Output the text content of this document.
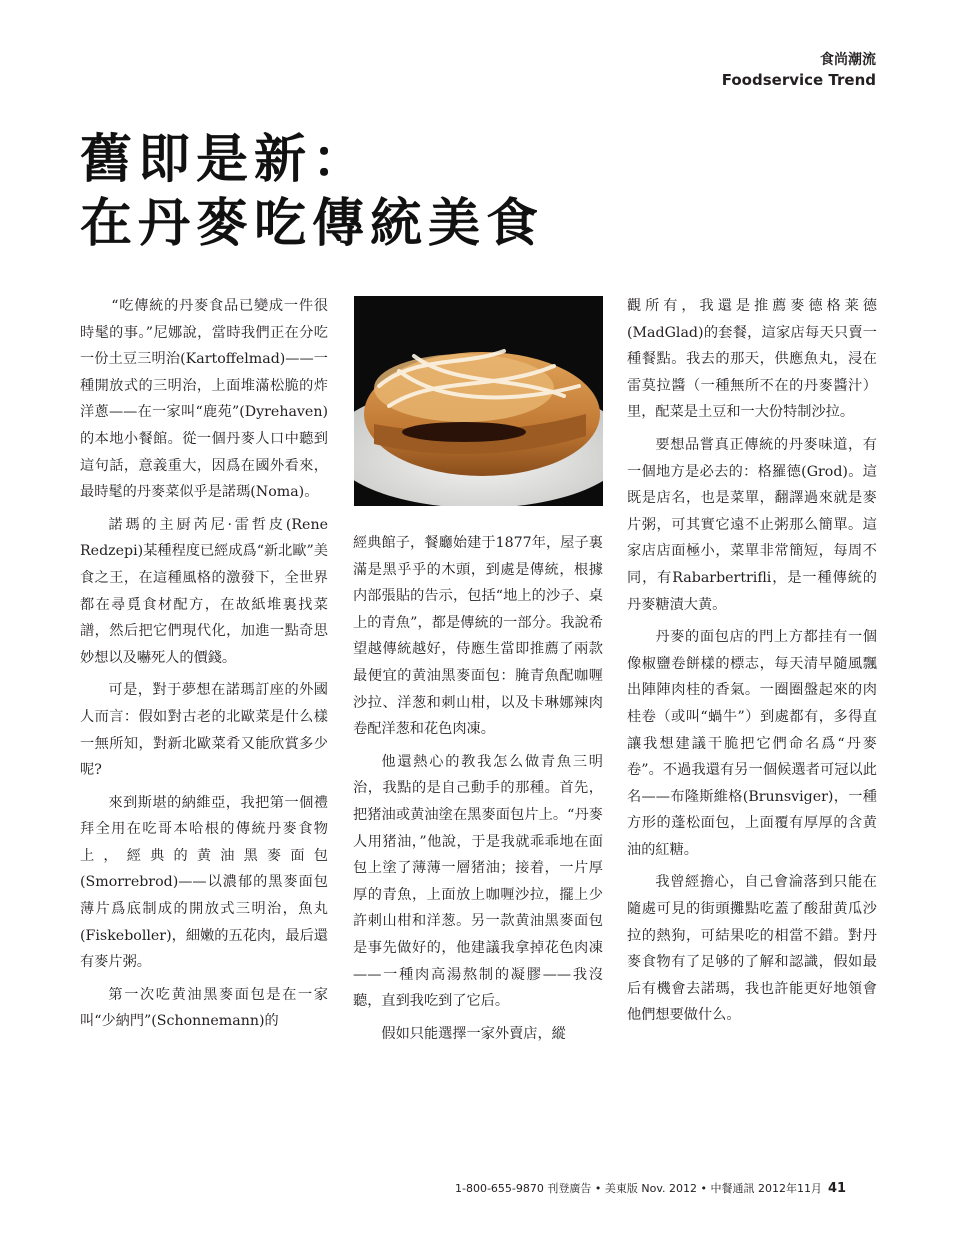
食尚潮流
Foodservice Trend
舊即是新：
在丹麥吃傳統美食

“吃傳統的丹麥食品已變成一件很時髦的事。”尼娜說，當時我們正在分吃一份土豆三明治(Kartoffelmad)——一種開放式的三明治，上面堆滿松脆的炸洋蔥——在一家叫“鹿苑”(Dyrehaven)的本地小餐館。從一個丹麥人口中聽到這句話，意義重大，因爲在國外看來，最時髦的丹麥菜似乎是諾瑪(Noma)。

諾瑪的主厨芮尼·雷哲皮(Rene Redzepi)某種程度已經成爲“新北歐”美食之王，在這種風格的激發下，全世界都在尋覓食材配方，在故紙堆裏找菜譜，然后把它們現代化，加進一點奇思妙想以及嚇死人的價錢。

可是，對于夢想在諾瑪訂座的外國人而言：假如對古老的北歐菜是什么樣一無所知，對新北歐菜肴又能欣賞多少呢?

來到斯堪的納維亞，我把第一個禮拜全用在吃哥本哈根的傳統丹麥食物上，經典的黄油黑麥面包(Smorrebrod)——以濃郁的黑麥面包薄片爲底制成的開放式三明治，魚丸(Fiskeboller)，細嫩的五花肉，最后還有麥片粥。

第一次吃黄油黑麥面包是在一家叫“少納門”(Schonnemann)的

經典館子，餐廳始建于1877年，屋子裏滿是黑乎乎的木頭，到處是傳統，根據内部張貼的告示，包括“地上的沙子、桌上的青魚”，都是傳統的一部分。我說希望越傳統越好，侍應生當即推薦了兩款最便宜的黄油黑麥面包：腌青魚配咖喱沙拉、洋葱和刺山柑，以及卡琳娜辣肉卷配洋葱和花色肉凍。

他還熱心的教我怎么做青魚三明治，我點的是自己動手的那種。首先，把猪油或黄油塗在黑麥面包片上。“丹麥人用猪油，”他說，于是我就乖乖地在面包上塗了薄薄一層猪油；接着，一片厚厚的青魚，上面放上咖喱沙拉，擺上少許刺山柑和洋葱。另一款黄油黑麥面包是事先做好的，他建議我拿掉花色肉凍——一種肉高湯熬制的凝膠——我沒聽，直到我吃到了它后。

假如只能選擇一家外賣店，縱

觀所有，我還是推薦麥德格莱德(MadGlad)的套餐，這家店每天只賣一種餐點。我去的那天，供應魚丸，浸在雷莫拉醬（一種無所不在的丹麥醬汁）里，配菜是土豆和一大份特制沙拉。

要想品嘗真正傳統的丹麥味道，有一個地方是必去的：格羅德(Grod)。這既是店名，也是菜單，翻譯過來就是麥片粥，可其實它遠不止粥那么簡單。這家店店面極小，菜單非常簡短，每周不同，有Rabarbertrifli，是一種傳統的丹麥糖漬大黄。

丹麥的面包店的門上方都挂有一個像椒鹽卷餅樣的標志，每天清早隨風飄出陣陣肉桂的香氣。一圈圈盤起來的肉桂卷（或叫“蝸牛”）到處都有，多得直讓我想建議干脆把它們命名爲“丹麥卷”。不過我還有另一個候選者可冠以此名——布隆斯維格(Brunsviger)，一種方形的蓬松面包，上面覆有厚厚的含黄油的紅糖。

我曾經擔心，自己會淪落到只能在隨處可見的街頭攤點吃蓋了酸甜黄瓜沙拉的熱狗，可結果吃的相當不錯。對丹麥食物有了足够的了解和認識，假如最后有機會去諾瑪，我也許能更好地領會他們想要做什么。

1-800-655-9870 刊登廣告 • 美東版 Nov. 2012 • 中餐通訊 2012年11月 41
